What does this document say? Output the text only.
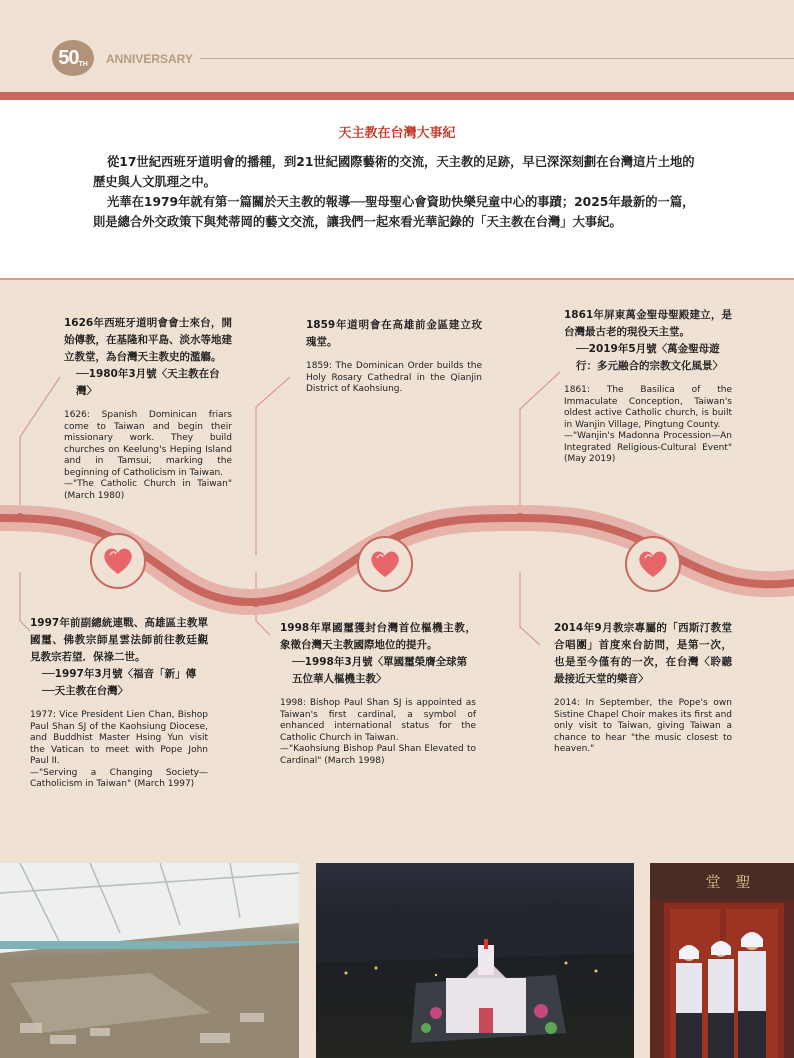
50TH	ANNIVERSARY
天主教在台灣大事紀

從17世紀西班牙道明會的播種，到21世紀國際藝術的交流，天主教的足跡，早已深深刻劃在台灣這片土地的歷史與人文肌理之中。

光華在1979年就有第一篇關於天主教的報導──聖母聖心會資助快樂兒童中心的事蹟；2025年最新的一篇，則是總合外交政策下與梵蒂岡的藝文交流，讓我們一起來看光華記錄的「天主教在台灣」大事紀。

1626年西班牙道明會會士來台，開始傳教，在基隆和平島、淡水等地建立教堂，為台灣天主教史的濫觴。
──1980年3月號〈天主教在台灣〉
1626: Spanish Dominican friars come to Taiwan and begin their missionary work. They build churches on Keelung's Heping Island and in Tamsui, marking the beginning of Catholicism in Taiwan.
—"The Catholic Church in Taiwan" (March 1980)
1859年道明會在高雄前金區建立玫瑰堂。
1859: The Dominican Order builds the Holy Rosary Cathedral in the Qianjin District of Kaohsiung.
1861年屏東萬金聖母聖殿建立，是台灣最古老的現役天主堂。
──2019年5月號〈萬金聖母遊行：多元融合的宗教文化風景〉
1861: The Basilica of the Immaculate Conception, Taiwan's oldest active Catholic church, is built in Wanjin Village, Pingtung County.
—"Wanjin's Madonna Procession—An Integrated Religious-Cultural Event" (May 2019)
1997年前副總統連戰、高雄區主教單國璽、佛教宗師星雲法師前往教廷覲見教宗若望．保祿二世。
──1997年3月號〈福音「新」傳──天主教在台灣〉
1977: Vice President Lien Chan, Bishop Paul Shan SJ of the Kaohsiung Diocese, and Buddhist Master Hsing Yun visit the Vatican to meet with Pope John Paul II.
—"Serving a Changing Society—Catholicism in Taiwan" (March 1997)
1998年單國璽獲封台灣首位樞機主教，象徵台灣天主教國際地位的提升。
──1998年3月號〈單國璽榮膺全球第五位華人樞機主教〉
1998: Bishop Paul Shan SJ is appointed as Taiwan's first cardinal, a symbol of enhanced international status for the Catholic Church in Taiwan.
—"Kaohsiung Bishop Paul Shan Elevated to Cardinal" (March 1998)
2014年9月教宗專屬的「西斯汀教堂合唱團」首度來台訪問，是第一次，也是至今僅有的一次，在台灣〈聆聽最接近天堂的樂音〉
2014: In September, the Pope's own Sistine Chapel Choir makes its first and only visit to Taiwan, giving Taiwan a chance to hear "the music closest to heaven."
堂　聖
